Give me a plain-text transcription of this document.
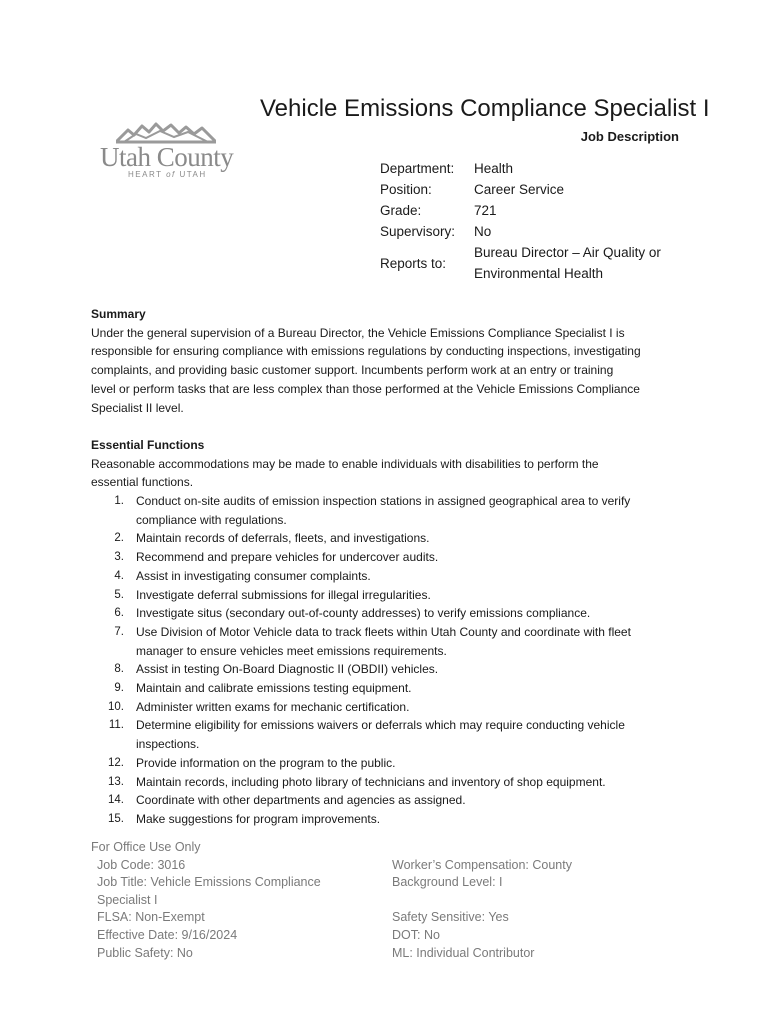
Utah County
HEART of UTAH
Vehicle Emissions Compliance Specialist I
Job Description
Department: Health
Position:	Career Service
Grade:	721
Supervisory: No
Reports to:
Bureau Director – Air Quality or
Environmental Health
Summary
Under the general supervision of a Bureau Director, the Vehicle Emissions Compliance Specialist I is
responsible for ensuring compliance with emissions regulations by conducting inspections, investigating
complaints, and providing basic customer support. Incumbents perform work at an entry or training
level or perform tasks that are less complex than those performed at the Vehicle Emissions Compliance
Specialist II level.
Essential Functions
Reasonable accommodations may be made to enable individuals with disabilities to perform the
essential functions.
1. Conduct on-site audits of emission inspection stations in assigned geographical area to verify
compliance with regulations.
2. Maintain records of deferrals, fleets, and investigations.
3. Recommend and prepare vehicles for undercover audits.
4. Assist in investigating consumer complaints.
5. Investigate deferral submissions for illegal irregularities.
6. Investigate situs (secondary out-of-county addresses) to verify emissions compliance.
7. Use Division of Motor Vehicle data to track fleets within Utah County and coordinate with fleet
manager to ensure vehicles meet emissions requirements.
8. Assist in testing On-Board Diagnostic II (OBDII) vehicles.
9. Maintain and calibrate emissions testing equipment.
10. Administer written exams for mechanic certification.
11. Determine eligibility for emissions waivers or deferrals which may require conducting vehicle
inspections.
12. Provide information on the program to the public.
13. Maintain records, including photo library of technicians and inventory of shop equipment.
14. Coordinate with other departments and agencies as assigned.
15. Make suggestions for program improvements.
For Office Use Only
Job Code: 3016
Job Title: Vehicle Emissions Compliance
Specialist I
FLSA: Non-Exempt
Effective Date: 9/16/2024
Public Safety: No
Worker’s Compensation: County
Background Level: I
Safety Sensitive: Yes
DOT: No
ML: Individual Contributor
